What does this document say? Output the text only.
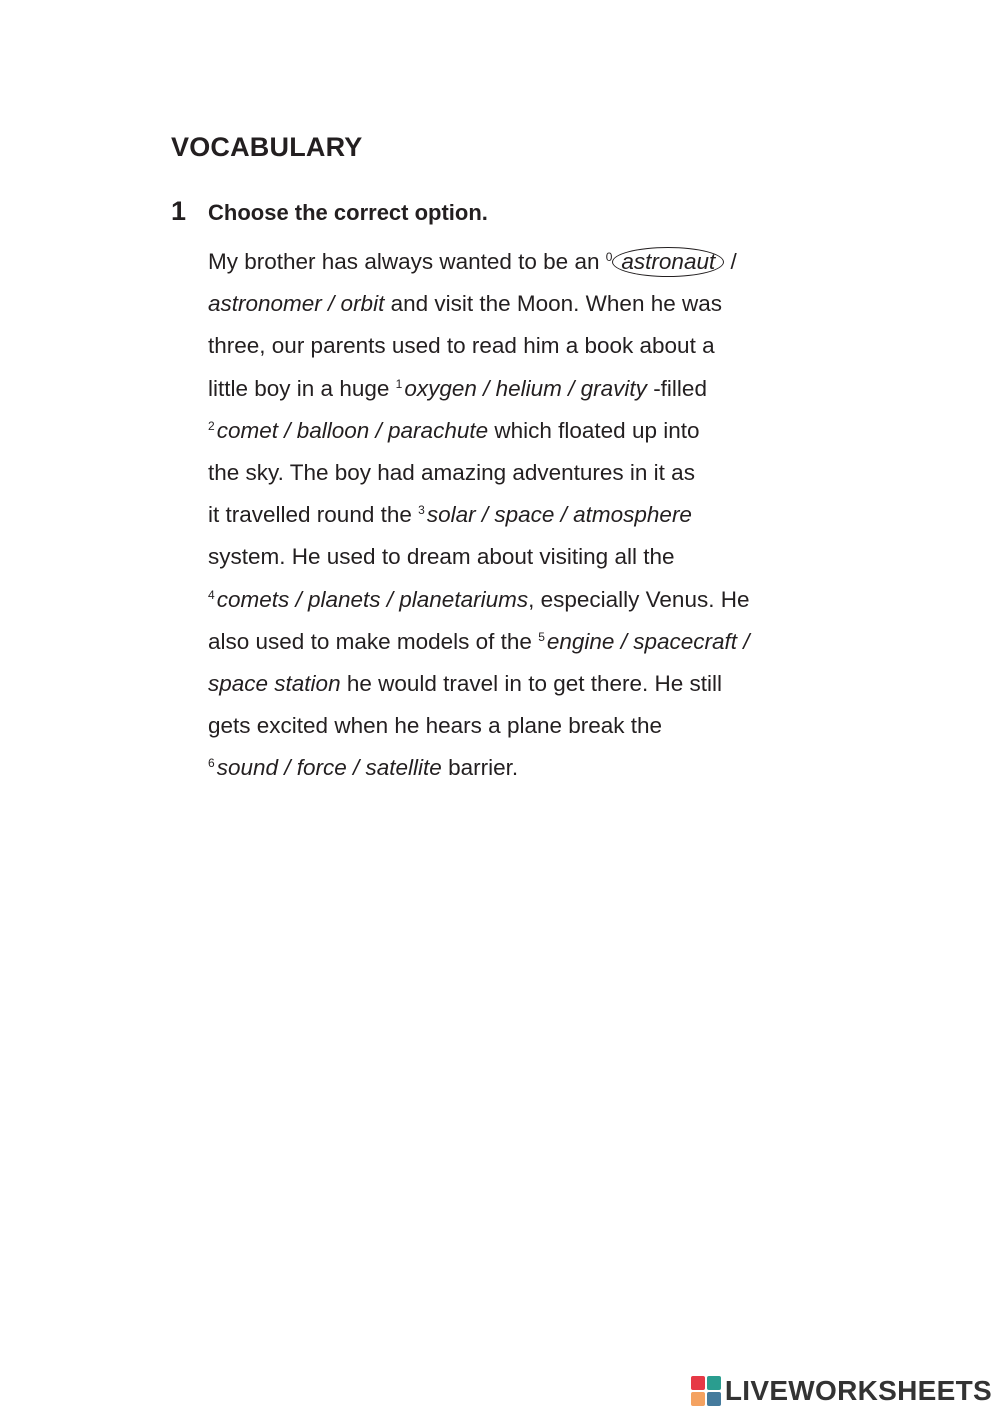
VOCABULARY
1 Choose the correct option.
My brother has always wanted to be an $^0$ astronaut /
astronomer / orbit and visit the Moon. When he was
three, our parents used to read him a book about a
little boy in a huge $^1$oxygen / helium / gravity -filled
$^2$comet / balloon / parachute which floated up into
the sky. The boy had amazing adventures in it as
it travelled round the $^3$solar / space / atmosphere
system. He used to dream about visiting all the
$^4$comets / planets / planetariums, especially Venus. He
also used to make models of the $^5$engine / spacecraft /
space station he would travel in to get there. He still
gets excited when he hears a plane break the
$^6$sound / force / satellite barrier.
LIVEWORKSHEETS
